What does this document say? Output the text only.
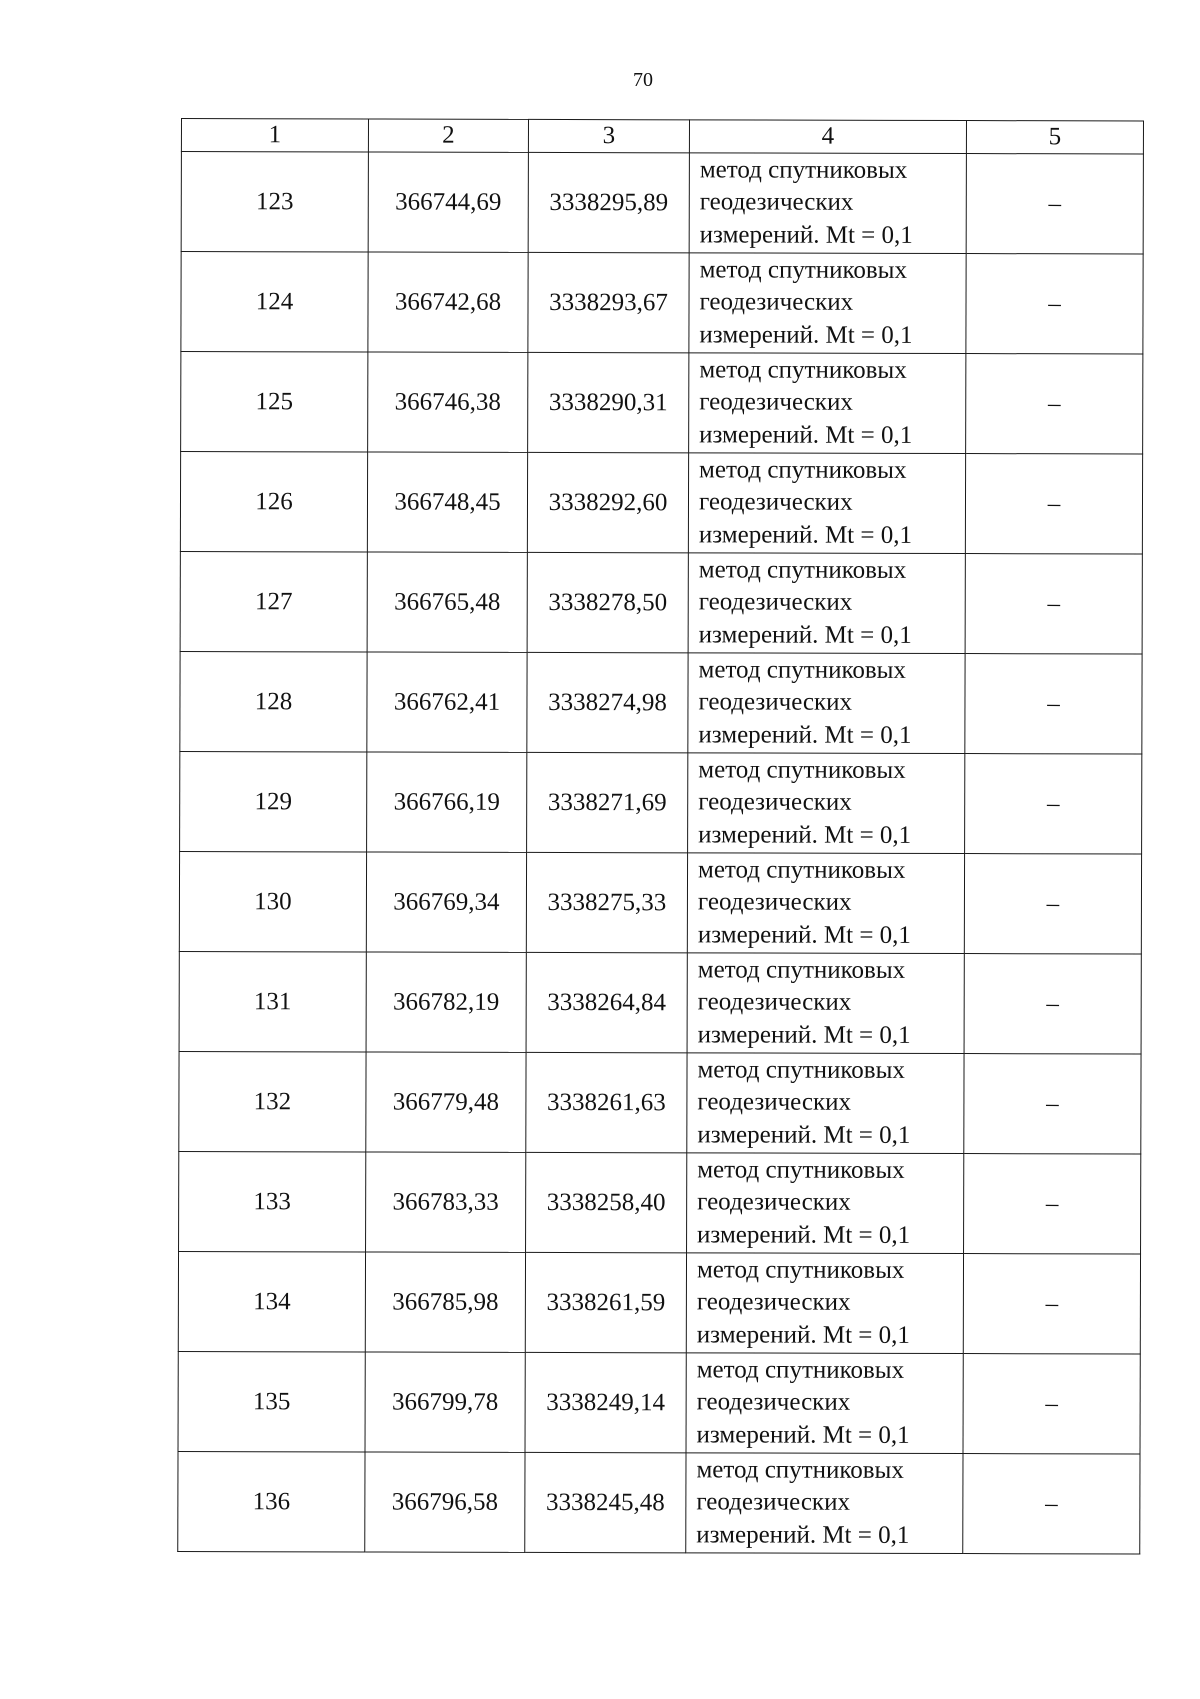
70
1	2	3	4	5
123	366744,69	3338295,89	метод спутниковых
геодезических
измерений. Mt = 0,1	–
124	366742,68	3338293,67	метод спутниковых
геодезических
измерений. Mt = 0,1	–
125	366746,38	3338290,31	метод спутниковых
геодезических
измерений. Mt = 0,1	–
126	366748,45	3338292,60	метод спутниковых
геодезических
измерений. Mt = 0,1	–
127	366765,48	3338278,50	метод спутниковых
геодезических
измерений. Mt = 0,1	–
128	366762,41	3338274,98	метод спутниковых
геодезических
измерений. Mt = 0,1	–
129	366766,19	3338271,69	метод спутниковых
геодезических
измерений. Mt = 0,1	–
130	366769,34	3338275,33	метод спутниковых
геодезических
измерений. Mt = 0,1	–
131	366782,19	3338264,84	метод спутниковых
геодезических
измерений. Mt = 0,1	–
132	366779,48	3338261,63	метод спутниковых
геодезических
измерений. Mt = 0,1	–
133	366783,33	3338258,40	метод спутниковых
геодезических
измерений. Mt = 0,1	–
134	366785,98	3338261,59	метод спутниковых
геодезических
измерений. Mt = 0,1	–
135	366799,78	3338249,14	метод спутниковых
геодезических
измерений. Mt = 0,1	–
136	366796,58	3338245,48	метод спутниковых
геодезических
измерений. Mt = 0,1	–
